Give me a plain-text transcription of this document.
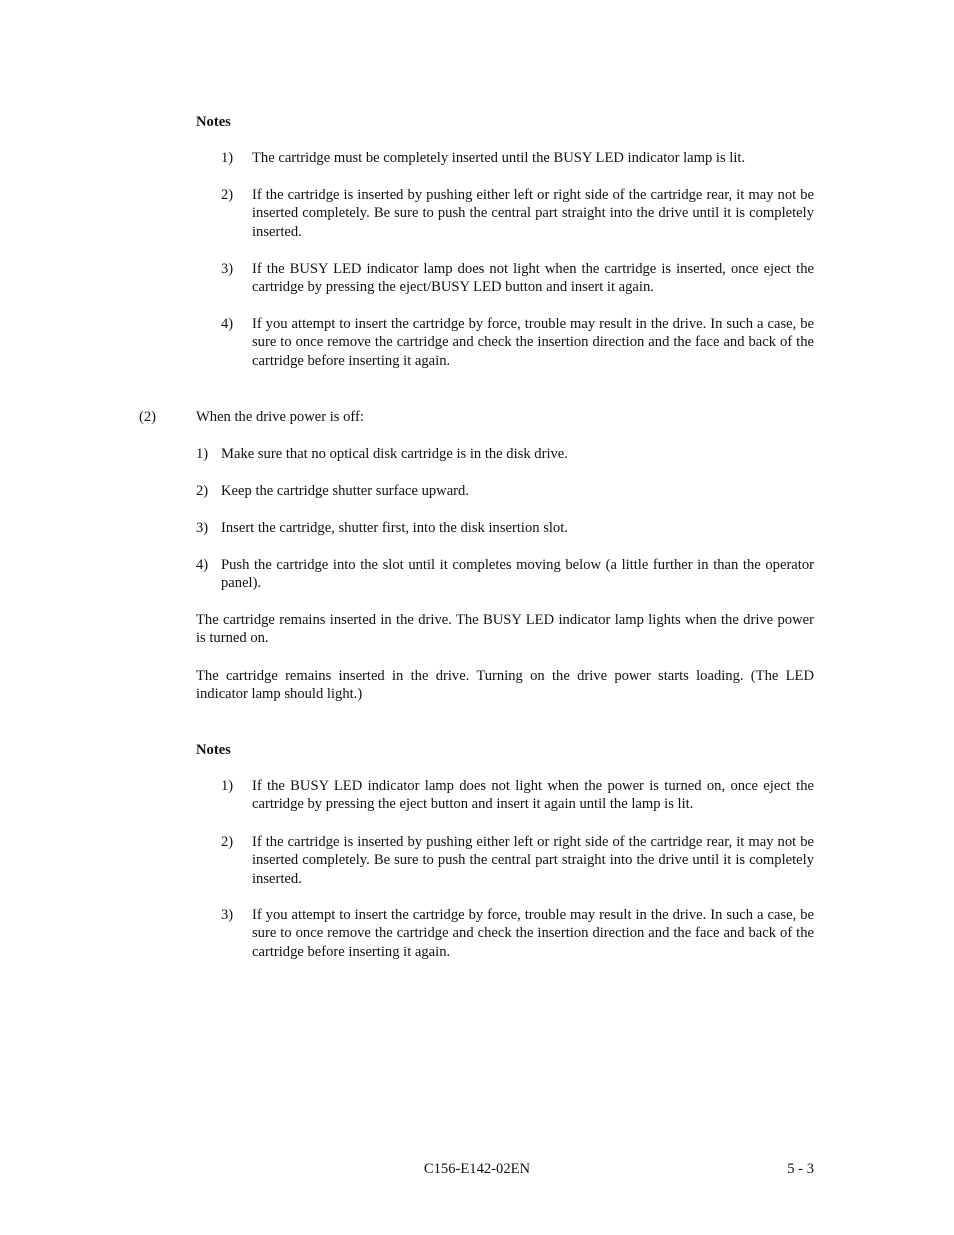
Notes
1) The cartridge must be completely inserted until the BUSY LED indicator lamp is lit.
2) If the cartridge is inserted by pushing either left or right side of the cartridge rear, it may not be inserted completely. Be sure to push the central part straight into the drive until it is completely inserted.
3) If the BUSY LED indicator lamp does not light when the cartridge is inserted, once eject the cartridge by pressing the eject/BUSY LED button and insert it again.
4) If you attempt to insert the cartridge by force, trouble may result in the drive. In such a case, be sure to once remove the cartridge and check the insertion direction and the face and back of the cartridge before inserting it again.
(2)	When the drive power is off:
1) Make sure that no optical disk cartridge is in the disk drive.
2) Keep the cartridge shutter surface upward.
3) Insert the cartridge, shutter first, into the disk insertion slot.
4) Push the cartridge into the slot until it completes moving below (a little further in than the operator panel).
The cartridge remains inserted in the drive. The BUSY LED indicator lamp lights when the drive power is turned on.
The cartridge remains inserted in the drive. Turning on the drive power starts loading. (The LED indicator lamp should light.)
Notes
1) If the BUSY LED indicator lamp does not light when the power is turned on, once eject the cartridge by pressing the eject button and insert it again until the lamp is lit.
2) If the cartridge is inserted by pushing either left or right side of the cartridge rear, it may not be inserted completely. Be sure to push the central part straight into the drive until it is completely inserted.
3) If you attempt to insert the cartridge by force, trouble may result in the drive. In such a case, be sure to once remove the cartridge and check the insertion direction and the face and back of the cartridge before inserting it again.
C156-E142-02EN	5 - 3
